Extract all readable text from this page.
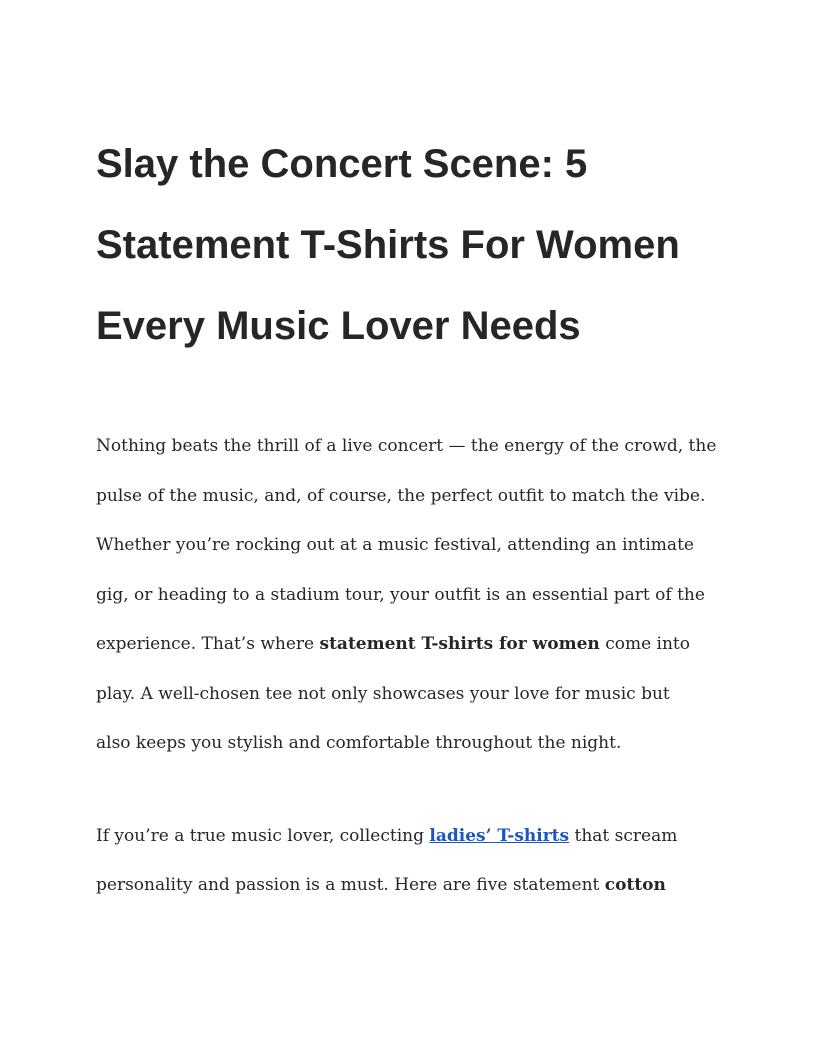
Slay the Concert Scene: 5
Statement T-Shirts For Women
Every Music Lover Needs

Nothing beats the thrill of a live concert — the energy of the crowd, the
pulse of the music, and, of course, the perfect outfit to match the vibe.
Whether you’re rocking out at a music festival, attending an intimate
gig, or heading to a stadium tour, your outfit is an essential part of the
experience. That’s where statement T-shirts for women come into
play. A well-chosen tee not only showcases your love for music but
also keeps you stylish and comfortable throughout the night.

If you’re a true music lover, collecting ladies’ T-shirts that scream
personality and passion is a must. Here are five statement cotton
